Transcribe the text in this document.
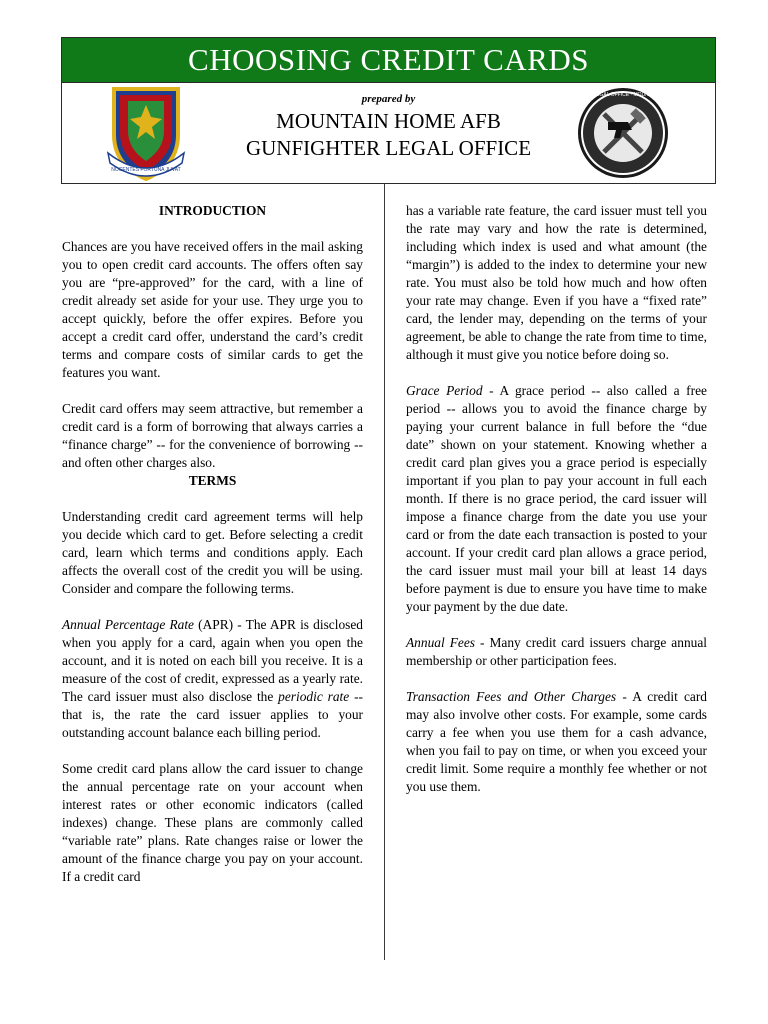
CHOOSING CREDIT CARDS
NOCENTES FORTUNA JUVAT
prepared by
MOUNTAIN HOME AFB
GUNFIGHTER LEGAL OFFICE
GUNFIGHTER LEGAL OFFICE · MOUNTAIN HOME AFB
INTRODUCTION

Chances are you have received offers in the mail asking you to open credit card accounts. The offers often say you are “pre-approved” for the card, with a line of credit already set aside for your use. They urge you to accept quickly, before the offer expires. Before you accept a credit card offer, understand the card’s credit terms and compare costs of similar cards to get the features you want.

Credit card offers may seem attractive, but remember a credit card is a form of borrowing that always carries a “finance charge” -- for the convenience of borrowing -- and often other charges also.

TERMS

Understanding credit card agreement terms will help you decide which card to get. Before selecting a credit card, learn which terms and conditions apply. Each affects the overall cost of the credit you will be using. Consider and compare the following terms.

Annual Percentage Rate (APR) - The APR is disclosed when you apply for a card, again when you open the account, and it is noted on each bill you receive. It is a measure of the cost of credit, expressed as a yearly rate. The card issuer must also disclose the periodic rate -- that is, the rate the card issuer applies to your outstanding account balance each billing period.

Some credit card plans allow the card issuer to change the annual percentage rate on your account when interest rates or other economic indicators (called indexes) change. These plans are commonly called “variable rate” plans. Rate changes raise or lower the amount of the finance charge you pay on your account. If a credit card

has a variable rate feature, the card issuer must tell you the rate may vary and how the rate is determined, including which index is used and what amount (the “margin”) is added to the index to determine your new rate. You must also be told how much and how often your rate may change. Even if you have a “fixed rate” card, the lender may, depending on the terms of your agreement, be able to change the rate from time to time, although it must give you notice before doing so.

Grace Period - A grace period -- also called a free period -- allows you to avoid the finance charge by paying your current balance in full before the “due date” shown on your statement. Knowing whether a credit card plan gives you a grace period is especially important if you plan to pay your account in full each month. If there is no grace period, the card issuer will impose a finance charge from the date you use your card or from the date each transaction is posted to your account. If your credit card plan allows a grace period, the card issuer must mail your bill at least 14 days before payment is due to ensure you have time to make your payment by the due date.

Annual Fees - Many credit card issuers charge annual membership or other participation fees.

Transaction Fees and Other Charges - A credit card may also involve other costs. For example, some cards carry a fee when you use them for a cash advance, when you fail to pay on time, or when you exceed your credit limit. Some require a monthly fee whether or not you use them.
